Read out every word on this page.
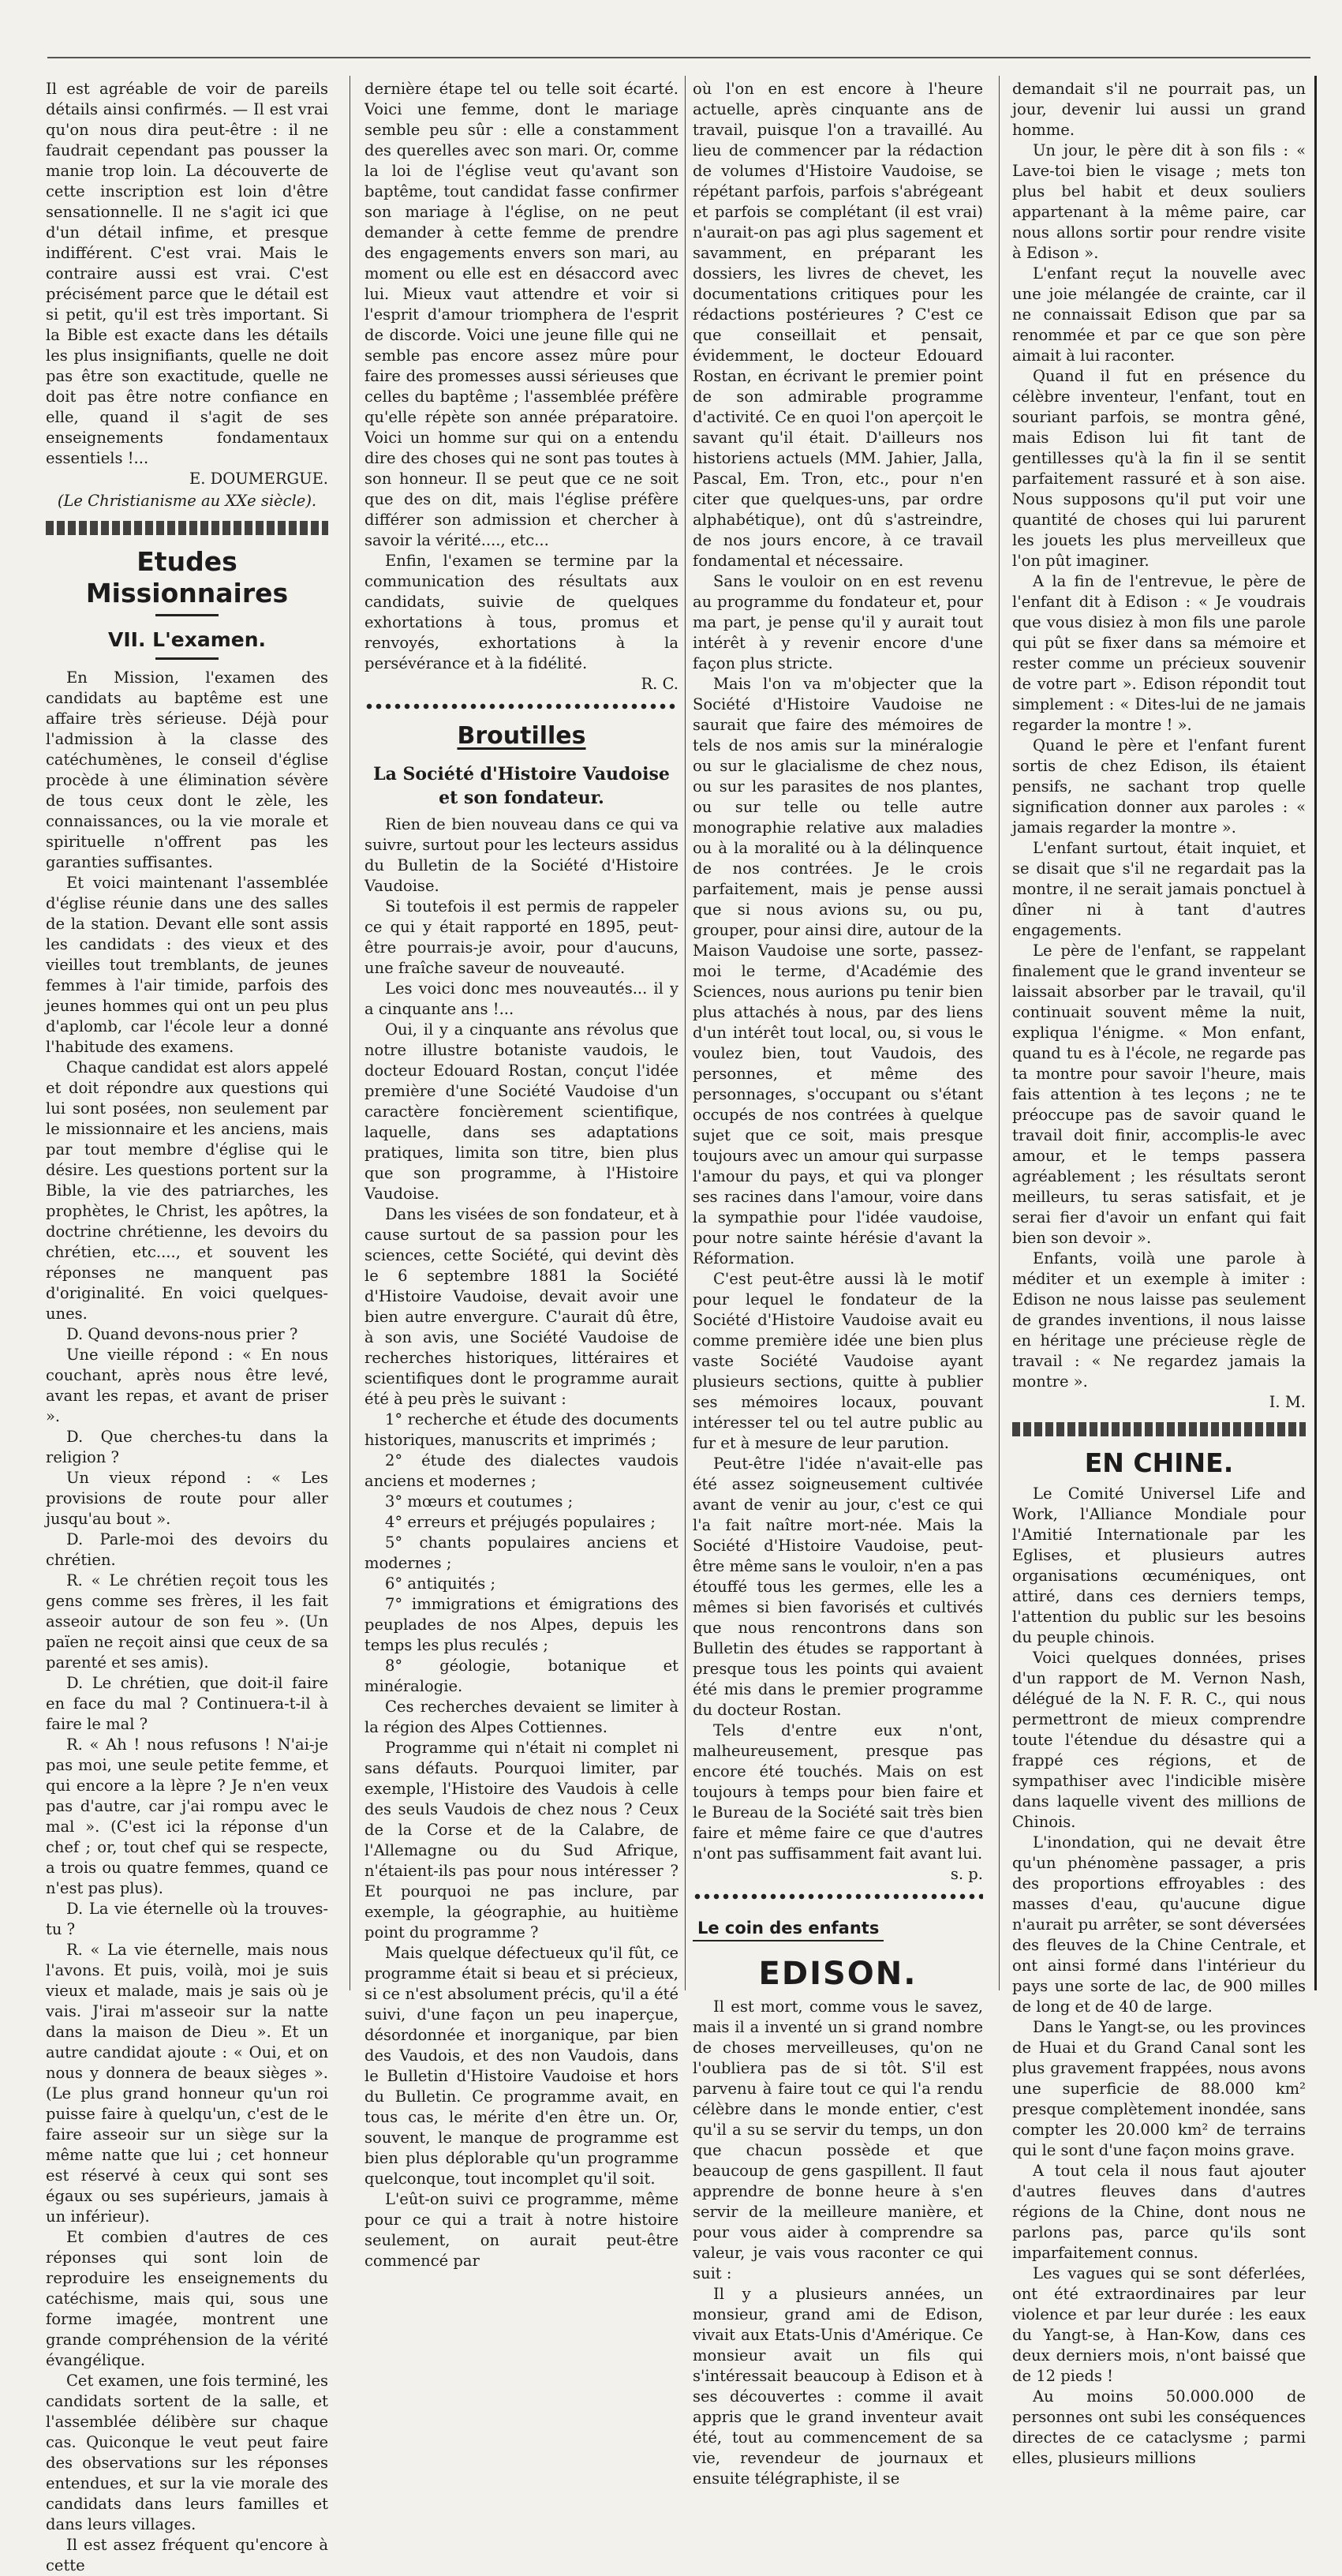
Il est agréable de voir de pareils détails ainsi confirmés. — Il est vrai qu'on nous dira peut-être : il ne faudrait cependant pas pousser la manie trop loin. La découverte de cette inscription est loin d'être sensationnelle. Il ne s'agit ici que d'un détail infime, et presque indifférent. C'est vrai. Mais le contraire aussi est vrai. C'est précisément parce que le détail est si petit, qu'il est très important. Si la Bible est exacte dans les détails les plus insignifiants, quelle ne doit pas être son exactitude, quelle ne doit pas être notre confiance en elle, quand il s'agit de ses enseignements fondamentaux essentiels !...

E. DOUMERGUE.
(Le Christianisme au XXe siècle).
Etudes Missionnaires
VII. L'examen.

En Mission, l'examen des candidats au baptême est une affaire très sérieuse. Déjà pour l'admission à la classe des catéchumènes, le conseil d'église procède à une élimination sévère de tous ceux dont le zèle, les connaissances, ou la vie morale et spirituelle n'offrent pas les garanties suffisantes.

Et voici maintenant l'assemblée d'église réunie dans une des salles de la station. Devant elle sont assis les candidats : des vieux et des vieilles tout tremblants, de jeunes femmes à l'air timide, parfois des jeunes hommes qui ont un peu plus d'aplomb, car l'école leur a donné l'habitude des examens.

Chaque candidat est alors appelé et doit répondre aux questions qui lui sont posées, non seulement par le missionnaire et les anciens, mais par tout membre d'église qui le désire. Les questions portent sur la Bible, la vie des patriarches, les prophètes, le Christ, les apôtres, la doctrine chrétienne, les devoirs du chrétien, etc...., et souvent les réponses ne manquent pas d'originalité. En voici quelques-unes.

D. Quand devons-nous prier ?

Une vieille répond : « En nous couchant, après nous être levé, avant les repas, et avant de priser ».

D. Que cherches-tu dans la religion ?

Un vieux répond : « Les provisions de route pour aller jusqu'au bout ».

D. Parle-moi des devoirs du chrétien.

R. « Le chrétien reçoit tous les gens comme ses frères, il les fait asseoir autour de son feu ». (Un païen ne reçoit ainsi que ceux de sa parenté et ses amis).

D. Le chrétien, que doit-il faire en face du mal ? Continuera-t-il à faire le mal ?

R. « Ah ! nous refusons ! N'ai-je pas moi, une seule petite femme, et qui encore a la lèpre ? Je n'en veux pas d'autre, car j'ai rompu avec le mal ». (C'est ici la réponse d'un chef ; or, tout chef qui se respecte, a trois ou quatre femmes, quand ce n'est pas plus).

D. La vie éternelle où la trouves-tu ?

R. « La vie éternelle, mais nous l'avons. Et puis, voilà, moi je suis vieux et malade, mais je sais où je vais. J'irai m'asseoir sur la natte dans la maison de Dieu ». Et un autre candidat ajoute : « Oui, et on nous y donnera de beaux sièges ». (Le plus grand honneur qu'un roi puisse faire à quelqu'un, c'est de le faire asseoir sur un siège sur la même natte que lui ; cet honneur est réservé à ceux qui sont ses égaux ou ses supérieurs, jamais à un inférieur).

Et combien d'autres de ces réponses qui sont loin de reproduire les enseignements du catéchisme, mais qui, sous une forme imagée, montrent une grande compréhension de la vérité évangélique.

Cet examen, une fois terminé, les candidats sortent de la salle, et l'assemblée délibère sur chaque cas. Quiconque le veut peut faire des observations sur les réponses entendues, et sur la vie morale des candidats dans leurs familles et dans leurs villages.

Il est assez fréquent qu'encore à cette

dernière étape tel ou telle soit écarté. Voici une femme, dont le mariage semble peu sûr : elle a constamment des querelles avec son mari. Or, comme la loi de l'église veut qu'avant son baptême, tout candidat fasse confirmer son mariage à l'église, on ne peut demander à cette femme de prendre des engagements envers son mari, au moment ou elle est en désaccord avec lui. Mieux vaut attendre et voir si l'esprit d'amour triomphera de l'esprit de discorde. Voici une jeune fille qui ne semble pas encore assez mûre pour faire des promesses aussi sérieuses que celles du baptême ; l'assemblée préfère qu'elle répète son année préparatoire. Voici un homme sur qui on a entendu dire des choses qui ne sont pas toutes à son honneur. Il se peut que ce ne soit que des on dit, mais l'église préfère différer son admission et chercher à savoir la vérité...., etc...

Enfin, l'examen se termine par la communication des résultats aux candidats, suivie de quelques exhortations à tous, promus et renvoyés, exhortations à la persévérance et à la fidélité.

R. C.
Broutilles
La Société d'Histoire Vaudoise et son fondateur.

Rien de bien nouveau dans ce qui va suivre, surtout pour les lecteurs assidus du Bulletin de la Société d'Histoire Vaudoise.

Si toutefois il est permis de rappeler ce qui y était rapporté en 1895, peut-être pourrais-je avoir, pour d'aucuns, une fraîche saveur de nouveauté.

Les voici donc mes nouveautés... il y a cinquante ans !...

Oui, il y a cinquante ans révolus que notre illustre botaniste vaudois, le docteur Edouard Rostan, conçut l'idée première d'une Société Vaudoise d'un caractère foncièrement scientifique, laquelle, dans ses adaptations pratiques, limita son titre, bien plus que son programme, à l'Histoire Vaudoise.

Dans les visées de son fondateur, et à cause surtout de sa passion pour les sciences, cette Société, qui devint dès le 6 septembre 1881 la Société d'Histoire Vaudoise, devait avoir une bien autre envergure. C'aurait dû être, à son avis, une Société Vaudoise de recherches historiques, littéraires et scientifiques dont le programme aurait été à peu près le suivant :

1° recherche et étude des documents historiques, manuscrits et imprimés ;

2° étude des dialectes vaudois anciens et modernes ;

3° mœurs et coutumes ;

4° erreurs et préjugés populaires ;

5° chants populaires anciens et modernes ;

6° antiquités ;

7° immigrations et émigrations des peuplades de nos Alpes, depuis les temps les plus reculés ;

8° géologie, botanique et minéralogie.

Ces recherches devaient se limiter à la région des Alpes Cottiennes.

Programme qui n'était ni complet ni sans défauts. Pourquoi limiter, par exemple, l'Histoire des Vaudois à celle des seuls Vaudois de chez nous ? Ceux de la Corse et de la Calabre, de l'Allemagne ou du Sud Afrique, n'étaient-ils pas pour nous intéresser ? Et pourquoi ne pas inclure, par exemple, la géographie, au huitième point du programme ?

Mais quelque défectueux qu'il fût, ce programme était si beau et si précieux, si ce n'est absolument précis, qu'il a été suivi, d'une façon un peu inaperçue, désordonnée et inorganique, par bien des Vaudois, et des non Vaudois, dans le Bulletin d'Histoire Vaudoise et hors du Bulletin. Ce programme avait, en tous cas, le mérite d'en être un. Or, souvent, le manque de programme est bien plus déplorable qu'un programme quelconque, tout incomplet qu'il soit.

L'eût-on suivi ce programme, même pour ce qui a trait à notre histoire seulement, on aurait peut-être commencé par

où l'on en est encore à l'heure actuelle, après cinquante ans de travail, puisque l'on a travaillé. Au lieu de commencer par la rédaction de volumes d'Histoire Vaudoise, se répétant parfois, parfois s'abrégeant et parfois se complétant (il est vrai) n'aurait-on pas agi plus sagement et savamment, en préparant les dossiers, les livres de chevet, les documentations critiques pour les rédactions postérieures ? C'est ce que conseillait et pensait, évidemment, le docteur Edouard Rostan, en écrivant le premier point de son admirable programme d'activité. Ce en quoi l'on aperçoit le savant qu'il était. D'ailleurs nos historiens actuels (MM. Jahier, Jalla, Pascal, Em. Tron, etc., pour n'en citer que quelques-uns, par ordre alphabétique), ont dû s'astreindre, de nos jours encore, à ce travail fondamental et nécessaire.

Sans le vouloir on en est revenu au programme du fondateur et, pour ma part, je pense qu'il y aurait tout intérêt à y revenir encore d'une façon plus stricte.

Mais l'on va m'objecter que la Société d'Histoire Vaudoise ne saurait que faire des mémoires de tels de nos amis sur la minéralogie ou sur le glacialisme de chez nous, ou sur les parasites de nos plantes, ou sur telle ou telle autre monographie relative aux maladies ou à la moralité ou à la délinquence de nos contrées. Je le crois parfaitement, mais je pense aussi que si nous avions su, ou pu, grouper, pour ainsi dire, autour de la Maison Vaudoise une sorte, passez-moi le terme, d'Académie des Sciences, nous aurions pu tenir bien plus attachés à nous, par des liens d'un intérêt tout local, ou, si vous le voulez bien, tout Vaudois, des personnes, et même des personnages, s'occupant ou s'étant occupés de nos contrées à quelque sujet que ce soit, mais presque toujours avec un amour qui surpasse l'amour du pays, et qui va plonger ses racines dans l'amour, voire dans la sympathie pour l'idée vaudoise, pour notre sainte hérésie d'avant la Réformation.

C'est peut-être aussi là le motif pour lequel le fondateur de la Société d'Histoire Vaudoise avait eu comme première idée une bien plus vaste Société Vaudoise ayant plusieurs sections, quitte à publier ses mémoires locaux, pouvant intéresser tel ou tel autre public au fur et à mesure de leur parution.

Peut-être l'idée n'avait-elle pas été assez soigneusement cultivée avant de venir au jour, c'est ce qui l'a fait naître mort-née. Mais la Société d'Histoire Vaudoise, peut-être même sans le vouloir, n'en a pas étouffé tous les germes, elle les a mêmes si bien favorisés et cultivés que nous rencontrons dans son Bulletin des études se rapportant à presque tous les points qui avaient été mis dans le premier programme du docteur Rostan.

Tels d'entre eux n'ont, malheureusement, presque pas encore été touchés. Mais on est toujours à temps pour bien faire et le Bureau de la Société sait très bien faire et même faire ce que d'autres n'ont pas suffisamment fait avant lui.

s. p.
Le coin des enfants
EDISON.

Il est mort, comme vous le savez, mais il a inventé un si grand nombre de choses merveilleuses, qu'on ne l'oubliera pas de si tôt. S'il est parvenu à faire tout ce qui l'a rendu célèbre dans le monde entier, c'est qu'il a su se servir du temps, un don que chacun possède et que beaucoup de gens gaspillent. Il faut apprendre de bonne heure à s'en servir de la meilleure manière, et pour vous aider à comprendre sa valeur, je vais vous raconter ce qui suit :

Il y a plusieurs années, un monsieur, grand ami de Edison, vivait aux Etats-Unis d'Amérique. Ce monsieur avait un fils qui s'intéressait beaucoup à Edison et à ses découvertes : comme il avait appris que le grand inventeur avait été, tout au commencement de sa vie, revendeur de journaux et ensuite télégraphiste, il se

demandait s'il ne pourrait pas, un jour, devenir lui aussi un grand homme.

Un jour, le père dit à son fils : « Lave-toi bien le visage ; mets ton plus bel habit et deux souliers appartenant à la même paire, car nous allons sortir pour rendre visite à Edison ».

L'enfant reçut la nouvelle avec une joie mélangée de crainte, car il ne connaissait Edison que par sa renommée et par ce que son père aimait à lui raconter.

Quand il fut en présence du célèbre inventeur, l'enfant, tout en souriant parfois, se montra gêné, mais Edison lui fit tant de gentillesses qu'à la fin il se sentit parfaitement rassuré et à son aise. Nous supposons qu'il put voir une quantité de choses qui lui parurent les jouets les plus merveilleux que l'on pût imaginer.

A la fin de l'entrevue, le père de l'enfant dit à Edison : « Je voudrais que vous disiez à mon fils une parole qui pût se fixer dans sa mémoire et rester comme un précieux souvenir de votre part ». Edison répondit tout simplement : « Dites-lui de ne jamais regarder la montre ! ».

Quand le père et l'enfant furent sortis de chez Edison, ils étaient pensifs, ne sachant trop quelle signification donner aux paroles : « jamais regarder la montre ».

L'enfant surtout, était inquiet, et se disait que s'il ne regardait pas la montre, il ne serait jamais ponctuel à dîner ni à tant d'autres engagements.

Le père de l'enfant, se rappelant finalement que le grand inventeur se laissait absorber par le travail, qu'il continuait souvent même la nuit, expliqua l'énigme. « Mon enfant, quand tu es à l'école, ne regarde pas ta montre pour savoir l'heure, mais fais attention à tes leçons ; ne te préoccupe pas de savoir quand le travail doit finir, accomplis-le avec amour, et le temps passera agréablement ; les résultats seront meilleurs, tu seras satisfait, et je serai fier d'avoir un enfant qui fait bien son devoir ».

Enfants, voilà une parole à méditer et un exemple à imiter : Edison ne nous laisse pas seulement de grandes inventions, il nous laisse en héritage une précieuse règle de travail : « Ne regardez jamais la montre ».

I. M.
EN CHINE.

Le Comité Universel Life and Work, l'Alliance Mondiale pour l'Amitié Internationale par les Eglises, et plusieurs autres organisations œcuméniques, ont attiré, dans ces derniers temps, l'attention du public sur les besoins du peuple chinois.

Voici quelques données, prises d'un rapport de M. Vernon Nash, délégué de la N. F. R. C., qui nous permettront de mieux comprendre toute l'étendue du désastre qui a frappé ces régions, et de sympathiser avec l'indicible misère dans laquelle vivent des millions de Chinois.

L'inondation, qui ne devait être qu'un phénomène passager, a pris des proportions effroyables : des masses d'eau, qu'aucune digue n'aurait pu arrêter, se sont déversées des fleuves de la Chine Centrale, et ont ainsi formé dans l'intérieur du pays une sorte de lac, de 900 milles de long et de 40 de large.

Dans le Yangt-se, ou les provinces de Huai et du Grand Canal sont les plus gravement frappées, nous avons une superficie de 88.000 km² presque complètement inondée, sans compter les 20.000 km² de terrains qui le sont d'une façon moins grave.

A tout cela il nous faut ajouter d'autres fleuves dans d'autres régions de la Chine, dont nous ne parlons pas, parce qu'ils sont imparfaitement connus.

Les vagues qui se sont déferlées, ont été extraordinaires par leur violence et par leur durée : les eaux du Yangt-se, à Han-Kow, dans ces deux derniers mois, n'ont baissé que de 12 pieds !

Au moins 50.000.000 de personnes ont subi les conséquences directes de ce cataclysme ; parmi elles, plusieurs millions
